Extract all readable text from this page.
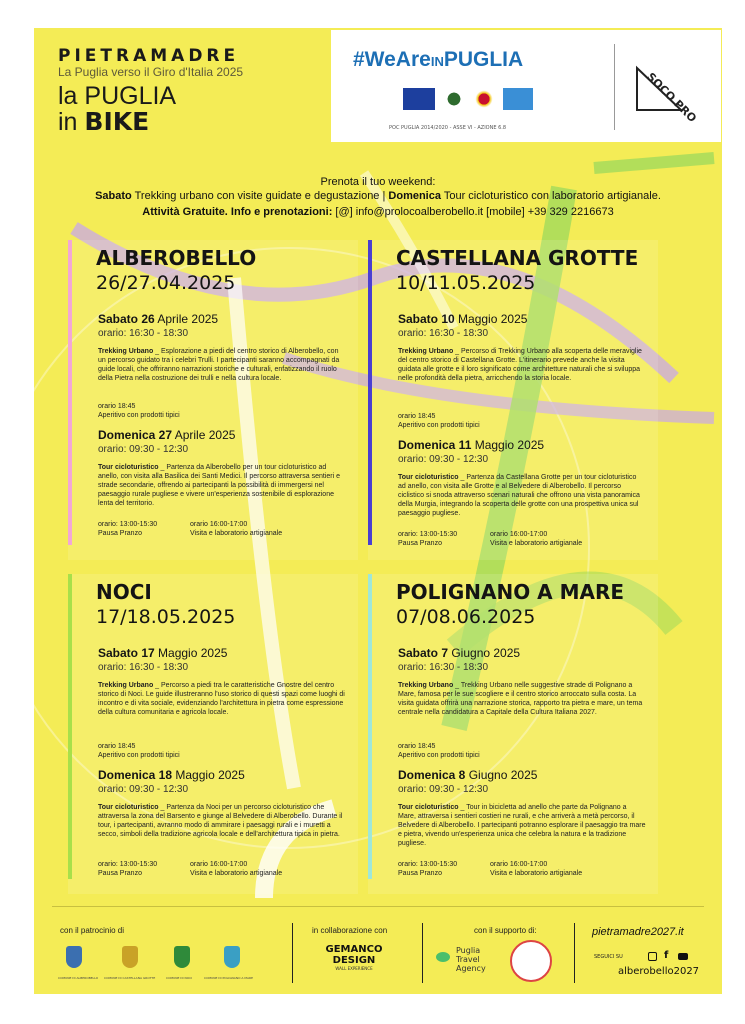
PIETRAMADRE
La Puglia verso il Giro d'Italia 2025
la PUGLIA
in BIKE
#WeAreINPUGLIA
POC PUGLIA 2014/2020 - ASSE VI - AZIONE 6.8
SOCO PRO
Prenota il tuo weekend:
Sabato Trekking urbano con visite guidate e degustazione | Domenica Tour cicloturistico con laboratorio artigianale.
Attività Gratuite. Info e prenotazioni: [@] info@prolocoalberobello.it [mobile] +39 329 2216673
ALBEROBELLO
26/27.04.2025
Sabato 26 Aprile 2025
orario: 16:30 - 18:30
Trekking Urbano _ Esplorazione a piedi del centro storico di Alberobello, con un percorso guidato tra i celebri Trulli. I partecipanti saranno accompagnati da guide locali, che offriranno narrazioni storiche e culturali, enfatizzando il ruolo della Pietra nella costruzione dei trulli e nella cultura locale.
orario 18:45
Aperitivo con prodotti tipici
Domenica 27 Aprile 2025
orario: 09:30 - 12:30
Tour cicloturistico _ Partenza da Alberobello per un tour cicloturistico ad anello, con visita alla Basilica dei Santi Medici. Il percorso attraversa sentieri e strade secondarie, offrendo ai partecipanti la possibilità di immergersi nel paesaggio rurale pugliese e vivere un'esperienza sostenibile di esplorazione lenta del territorio.
orario: 13:00-15:30
Pausa Pranzo
orario 16:00-17:00
Visita e laboratorio artigianale
CASTELLANA GROTTE
10/11.05.2025
Sabato 10 Maggio 2025
orario: 16:30 - 18:30
Trekking Urbano _ Percorso di Trekking Urbano alla scoperta delle meraviglie del centro storico di Castellana Grotte. L'itinerario prevede anche la visita guidata alle grotte e il loro significato come architetture naturali che si sviluppa nelle profondità della pietra, arricchendo la storia locale.
orario 18:45
Aperitivo con prodotti tipici
Domenica 11 Maggio 2025
orario: 09:30 - 12:30
Tour cicloturistico _ Partenza da Castellana Grotte per un tour cicloturistico ad anello, con visita alle Grotte e al Belvedere di Alberobello. Il percorso ciclistico si snoda attraverso scenari naturali che offrono una vista panoramica della Murgia, integrando la scoperta delle grotte con una prospettiva unica sul paesaggio pugliese.
orario: 13:00-15:30
Pausa Pranzo
orario 16:00-17:00
Visita e laboratorio artigianale
NOCI
17/18.05.2025
Sabato 17 Maggio 2025
orario: 16:30 - 18:30
Trekking Urbano _ Percorso a piedi tra le caratteristiche Gnostre del centro storico di Noci. Le guide illustreranno l'uso storico di questi spazi come luoghi di incontro e di vita sociale, evidenziando l'architettura in pietra come espressione della cultura comunitaria e agricola locale.
orario 18:45
Aperitivo con prodotti tipici
Domenica 18 Maggio 2025
orario: 09:30 - 12:30
Tour cicloturistico _ Partenza da Noci per un percorso cicloturistico che attraversa la zona del Barsento e giunge al Belvedere di Alberobello. Durante il tour, i partecipanti, avranno modo di ammirare i paesaggi rurali e i muretti a secco, simboli della tradizione agricola locale e dell'architettura tipica in pietra.
orario: 13:00-15:30
Pausa Pranzo
orario 16:00-17:00
Visita e laboratorio artigianale
POLIGNANO A MARE
07/08.06.2025
Sabato 7 Giugno 2025
orario: 16:30 - 18:30
Trekking Urbano _ Trekking Urbano nelle suggestive strade di Polignano a Mare, famosa per le sue scogliere e il centro storico arroccato sulla costa. La visita guidata offrirà una narrazione storica, rapporto tra pietra e mare, un tema centrale nella candidatura a Capitale della Cultura Italiana 2027.
orario 18:45
Aperitivo con prodotti tipici
Domenica 8 Giugno 2025
orario: 09:30 - 12:30
Tour cicloturistico _ Tour in bicicletta ad anello che parte da Polignano a Mare, attraversa i sentieri costieri ne rurali, e che arriverà a metà percorso, il Belvedere di Alberobello. I partecipanti potranno esplorare il paesaggio tra mare e pietra, vivendo un'esperienza unica che celebra la natura e la tradizione pugliese.
orario: 13:00-15:30
Pausa Pranzo
orario 16:00-17:00
Visita e laboratorio artigianale
con il patrocinio di
COMUNE DI ALBEROBELLO COMUNE DI CASTELLANA GROTTE	COMUNE DI NOCI	COMUNE DI POLIGNANO A MARE
in collaborazione con
GEMANCO
DESIGN
WALL EXPERIENCE
con il supporto di:
Puglia
Travel
Agency
pietramadre2027.it
SEGUICI SU	f
alberobello2027
